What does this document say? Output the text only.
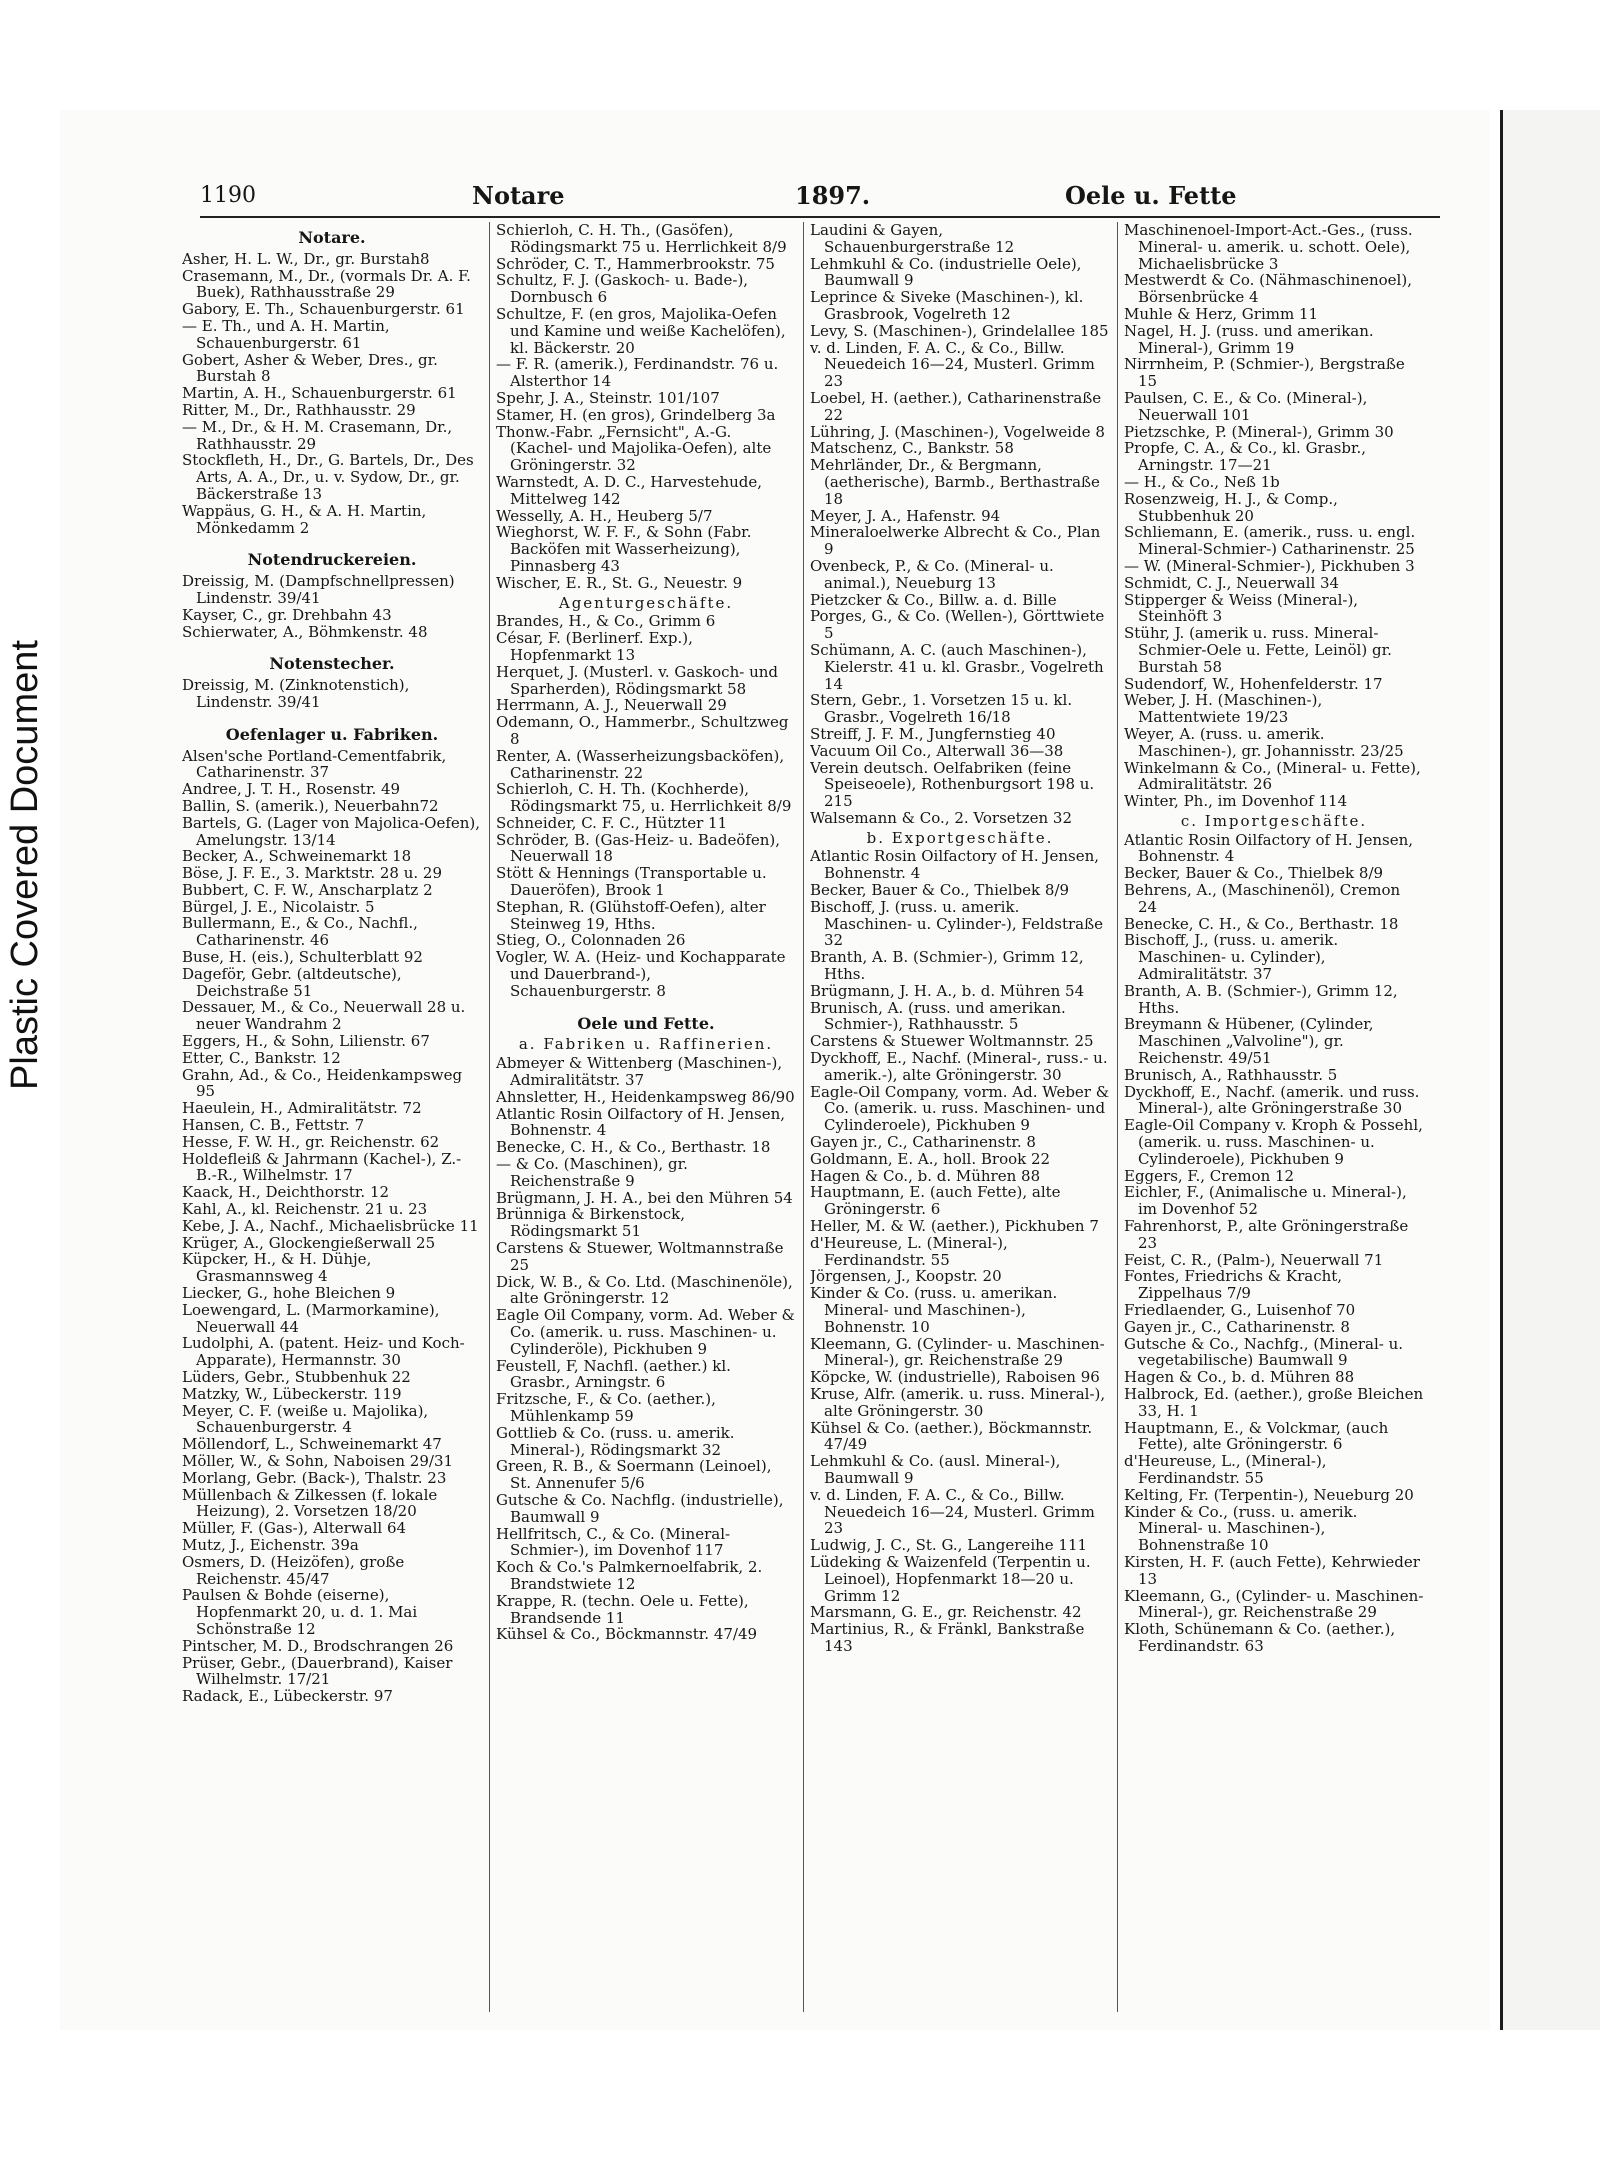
Plastic Covered Document
1190	Notare	1897.	Oele u. Fette

Notare.

Asher, H. L. W., Dr., gr. Burstah8

Crasemann, M., Dr., (vormals Dr. A. F. Buek), Rathhausstraße 29

Gabory, E. Th., Schauenburgerstr. 61

— E. Th., und A. H. Martin, Schauenburgerstr. 61

Gobert, Asher & Weber, Dres., gr. Burstah 8

Martin, A. H., Schauenburgerstr. 61

Ritter, M., Dr., Rathhausstr. 29

— M., Dr., & H. M. Crasemann, Dr., Rathhausstr. 29

Stockfleth, H., Dr., G. Bartels, Dr., Des Arts, A. A., Dr., u. v. Sydow, Dr., gr. Bäckerstraße 13

Wappäus, G. H., & A. H. Martin, Mönkedamm 2

Notendruckereien.

Dreissig, M. (Dampfschnellpressen) Lindenstr. 39/41

Kayser, C., gr. Drehbahn 43

Schierwater, A., Böhmkenstr. 48

Notenstecher.

Dreissig, M. (Zinknotenstich), Lindenstr. 39/41

Oefenlager u. Fabriken.

Alsen'sche Portland-Cementfabrik, Catharinenstr. 37

Andree, J. T. H., Rosenstr. 49

Ballin, S. (amerik.), Neuerbahn72

Bartels, G. (Lager von Majolica-Oefen), Amelungstr. 13/14

Becker, A., Schweinemarkt 18

Böse, J. F. E., 3. Marktstr. 28 u. 29

Bubbert, C. F. W., Anscharplatz 2

Bürgel, J. E., Nicolaistr. 5

Bullermann, E., & Co., Nachfl., Catharinenstr. 46

Buse, H. (eis.), Schulterblatt 92

Dageför, Gebr. (altdeutsche), Deichstraße 51

Dessauer, M., & Co., Neuerwall 28 u. neuer Wandrahm 2

Eggers, H., & Sohn, Lilienstr. 67

Etter, C., Bankstr. 12

Grahn, Ad., & Co., Heidenkampsweg 95

Haeulein, H., Admiralitätstr. 72

Hansen, C. B., Fettstr. 7

Hesse, F. W. H., gr. Reichenstr. 62

Holdefleiß & Jahrmann (Kachel-), Z.-B.-R., Wilhelmstr. 17

Kaack, H., Deichthorstr. 12

Kahl, A., kl. Reichenstr. 21 u. 23

Kebe, J. A., Nachf., Michaelisbrücke 11

Krüger, A., Glockengießerwall 25

Küpcker, H., & H. Dühje, Grasmannsweg 4

Liecker, G., hohe Bleichen 9

Loewengard, L. (Marmorkamine), Neuerwall 44

Ludolphi, A. (patent. Heiz- und Koch-Apparate), Hermannstr. 30

Lüders, Gebr., Stubbenhuk 22

Matzky, W., Lübeckerstr. 119

Meyer, C. F. (weiße u. Majolika), Schauenburgerstr. 4

Möllendorf, L., Schweinemarkt 47

Möller, W., & Sohn, Naboisen 29/31

Morlang, Gebr. (Back-), Thalstr. 23

Müllenbach & Zilkessen (f. lokale Heizung), 2. Vorsetzen 18/20

Müller, F. (Gas-), Alterwall 64

Mutz, J., Eichenstr. 39a

Osmers, D. (Heizöfen), große Reichenstr. 45/47

Paulsen & Bohde (eiserne), Hopfenmarkt 20, u. d. 1. Mai Schönstraße 12

Pintscher, M. D., Brodschrangen 26

Prüser, Gebr., (Dauerbrand), Kaiser Wilhelmstr. 17/21

Radack, E., Lübeckerstr. 97

Schierloh, C. H. Th., (Gasöfen), Rödingsmarkt 75 u. Herrlichkeit 8/9

Schröder, C. T., Hammerbrookstr. 75

Schultz, F. J. (Gaskoch- u. Bade-), Dornbusch 6

Schultze, F. (en gros, Majolika-Oefen und Kamine und weiße Kachelöfen), kl. Bäckerstr. 20

— F. R. (amerik.), Ferdinandstr. 76 u. Alsterthor 14

Spehr, J. A., Steinstr. 101/107

Stamer, H. (en gros), Grindelberg 3a

Thonw.-Fabr. „Fernsicht", A.-G. (Kachel- und Majolika-Oefen), alte Gröningerstr. 32

Warnstedt, A. D. C., Harvestehude, Mittelweg 142

Wesselly, A. H., Heuberg 5/7

Wieghorst, W. F. F., & Sohn (Fabr. Backöfen mit Wasserheizung), Pinnasberg 43

Wischer, E. R., St. G., Neuestr. 9

Agenturgeschäfte.

Brandes, H., & Co., Grimm 6

César, F. (Berlinerf. Exp.), Hopfenmarkt 13

Herquet, J. (Musterl. v. Gaskoch- und Sparherden), Rödingsmarkt 58

Herrmann, A. J., Neuerwall 29

Odemann, O., Hammerbr., Schultzweg 8

Renter, A. (Wasserheizungsbacköfen), Catharinenstr. 22

Schierloh, C. H. Th. (Kochherde), Rödingsmarkt 75, u. Herrlichkeit 8/9

Schneider, C. F. C., Hützter 11

Schröder, B. (Gas-Heiz- u. Badeöfen), Neuerwall 18

Stött & Hennings (Transportable u. Daueröfen), Brook 1

Stephan, R. (Glühstoff-Oefen), alter Steinweg 19, Hths.

Stieg, O., Colonnaden 26

Vogler, W. A. (Heiz- und Kochapparate und Dauerbrand-), Schauenburgerstr. 8

Oele und Fette.

a. Fabriken u. Raffinerien.

Abmeyer & Wittenberg (Maschinen-), Admiralitätstr. 37

Ahnsletter, H., Heidenkampsweg 86/90

Atlantic Rosin Oilfactory of H. Jensen, Bohnenstr. 4

Benecke, C. H., & Co., Berthastr. 18

— & Co. (Maschinen), gr. Reichenstraße 9

Brügmann, J. H. A., bei den Mühren 54

Brünniga & Birkenstock, Rödingsmarkt 51

Carstens & Stuewer, Woltmannstraße 25

Dick, W. B., & Co. Ltd. (Maschinenöle), alte Gröningerstr. 12

Eagle Oil Company, vorm. Ad. Weber & Co. (amerik. u. russ. Maschinen- u. Cylinderöle), Pickhuben 9

Feustell, F, Nachfl. (aether.) kl. Grasbr., Arningstr. 6

Fritzsche, F., & Co. (aether.), Mühlenkamp 59

Gottlieb & Co. (russ. u. amerik. Mineral-), Rödingsmarkt 32

Green, R. B., & Soermann (Leinoel), St. Annenufer 5/6

Gutsche & Co. Nachflg. (industrielle), Baumwall 9

Hellfritsch, C., & Co. (Mineral-Schmier-), im Dovenhof 117

Koch & Co.'s Palmkernoelfabrik, 2. Brandstwiete 12

Krappe, R. (techn. Oele u. Fette), Brandsende 11

Kühsel & Co., Böckmannstr. 47/49

Laudini & Gayen, Schauenburgerstraße 12

Lehmkuhl & Co. (industrielle Oele), Baumwall 9

Leprince & Siveke (Maschinen-), kl. Grasbrook, Vogelreth 12

Levy, S. (Maschinen-), Grindelallee 185

v. d. Linden, F. A. C., & Co., Billw. Neuedeich 16—24, Musterl. Grimm 23

Loebel, H. (aether.), Catharinenstraße 22

Lühring, J. (Maschinen-), Vogelweide 8

Matschenz, C., Bankstr. 58

Mehrländer, Dr., & Bergmann, (aetherische), Barmb., Berthastraße 18

Meyer, J. A., Hafenstr. 94

Mineraloelwerke Albrecht & Co., Plan 9

Ovenbeck, P., & Co. (Mineral- u. animal.), Neueburg 13

Pietzcker & Co., Billw. a. d. Bille

Porges, G., & Co. (Wellen-), Görttwiete 5

Schümann, A. C. (auch Maschinen-), Kielerstr. 41 u. kl. Grasbr., Vogelreth 14

Stern, Gebr., 1. Vorsetzen 15 u. kl. Grasbr., Vogelreth 16/18

Streiff, J. F. M., Jungfernstieg 40

Vacuum Oil Co., Alterwall 36—38

Verein deutsch. Oelfabriken (feine Speiseoele), Rothenburgsort 198 u. 215

Walsemann & Co., 2. Vorsetzen 32

b. Exportgeschäfte.

Atlantic Rosin Oilfactory of H. Jensen, Bohnenstr. 4

Becker, Bauer & Co., Thielbek 8/9

Bischoff, J. (russ. u. amerik. Maschinen- u. Cylinder-), Feldstraße 32

Branth, A. B. (Schmier-), Grimm 12, Hths.

Brügmann, J. H. A., b. d. Mühren 54

Brunisch, A. (russ. und amerikan. Schmier-), Rathhausstr. 5

Carstens & Stuewer Woltmannstr. 25

Dyckhoff, E., Nachf. (Mineral-, russ.- u. amerik.-), alte Gröningerstr. 30

Eagle-Oil Company, vorm. Ad. Weber & Co. (amerik. u. russ. Maschinen- und Cylinderoele), Pickhuben 9

Gayen jr., C., Catharinenstr. 8

Goldmann, E. A., holl. Brook 22

Hagen & Co., b. d. Mühren 88

Hauptmann, E. (auch Fette), alte Gröningerstr. 6

Heller, M. & W. (aether.), Pickhuben 7

d'Heureuse, L. (Mineral-), Ferdinandstr. 55

Jörgensen, J., Koopstr. 20

Kinder & Co. (russ. u. amerikan. Mineral- und Maschinen-), Bohnenstr. 10

Kleemann, G. (Cylinder- u. Maschinen-Mineral-), gr. Reichenstraße 29

Köpcke, W. (industrielle), Raboisen 96

Kruse, Alfr. (amerik. u. russ. Mineral-), alte Gröningerstr. 30

Kühsel & Co. (aether.), Böckmannstr. 47/49

Lehmkuhl & Co. (ausl. Mineral-), Baumwall 9

v. d. Linden, F. A. C., & Co., Billw. Neuedeich 16—24, Musterl. Grimm 23

Ludwig, J. C., St. G., Langereihe 111

Lüdeking & Waizenfeld (Terpentin u. Leinoel), Hopfenmarkt 18—20 u. Grimm 12

Marsmann, G. E., gr. Reichenstr. 42

Martinius, R., & Fränkl, Bankstraße 143

Maschinenoel-Import-Act.-Ges., (russ. Mineral- u. amerik. u. schott. Oele), Michaelisbrücke 3

Mestwerdt & Co. (Nähmaschinenoel), Börsenbrücke 4

Muhle & Herz, Grimm 11

Nagel, H. J. (russ. und amerikan. Mineral-), Grimm 19

Nirrnheim, P. (Schmier-), Bergstraße 15

Paulsen, C. E., & Co. (Mineral-), Neuerwall 101

Pietzschke, P. (Mineral-), Grimm 30

Propfe, C. A., & Co., kl. Grasbr., Arningstr. 17—21

— H., & Co., Neß 1b

Rosenzweig, H. J., & Comp., Stubbenhuk 20

Schliemann, E. (amerik., russ. u. engl. Mineral-Schmier-) Catharinenstr. 25

— W. (Mineral-Schmier-), Pickhuben 3

Schmidt, C. J., Neuerwall 34

Stipperger & Weiss (Mineral-), Steinhöft 3

Stühr, J. (amerik u. russ. Mineral-Schmier-Oele u. Fette, Leinöl) gr. Burstah 58

Sudendorf, W., Hohenfelderstr. 17

Weber, J. H. (Maschinen-), Mattentwiete 19/23

Weyer, A. (russ. u. amerik. Maschinen-), gr. Johannisstr. 23/25

Winkelmann & Co., (Mineral- u. Fette), Admiralitätstr. 26

Winter, Ph., im Dovenhof 114

c. Importgeschäfte.

Atlantic Rosin Oilfactory of H. Jensen, Bohnenstr. 4

Becker, Bauer & Co., Thielbek 8/9

Behrens, A., (Maschinenöl), Cremon 24

Benecke, C. H., & Co., Berthastr. 18

Bischoff, J., (russ. u. amerik. Maschinen- u. Cylinder), Admiralitätstr. 37

Branth, A. B. (Schmier-), Grimm 12, Hths.

Breymann & Hübener, (Cylinder, Maschinen „Valvoline"), gr. Reichenstr. 49/51

Brunisch, A., Rathhausstr. 5

Dyckhoff, E., Nachf. (amerik. und russ. Mineral-), alte Gröningerstraße 30

Eagle-Oil Company v. Kroph & Possehl, (amerik. u. russ. Maschinen- u. Cylinderoele), Pickhuben 9

Eggers, F., Cremon 12

Eichler, F., (Animalische u. Mineral-), im Dovenhof 52

Fahrenhorst, P., alte Gröningerstraße 23

Feist, C. R., (Palm-), Neuerwall 71

Fontes, Friedrichs & Kracht, Zippelhaus 7/9

Friedlaender, G., Luisenhof 70

Gayen jr., C., Catharinenstr. 8

Gutsche & Co., Nachfg., (Mineral- u. vegetabilische) Baumwall 9

Hagen & Co., b. d. Mühren 88

Halbrock, Ed. (aether.), große Bleichen 33, H. 1

Hauptmann, E., & Volckmar, (auch Fette), alte Gröningerstr. 6

d'Heureuse, L., (Mineral-), Ferdinandstr. 55

Kelting, Fr. (Terpentin-), Neueburg 20

Kinder & Co., (russ. u. amerik. Mineral- u. Maschinen-), Bohnenstraße 10

Kirsten, H. F. (auch Fette), Kehrwieder 13

Kleemann, G., (Cylinder- u. Maschinen-Mineral-), gr. Reichenstraße 29

Kloth, Schünemann & Co. (aether.), Ferdinandstr. 63
